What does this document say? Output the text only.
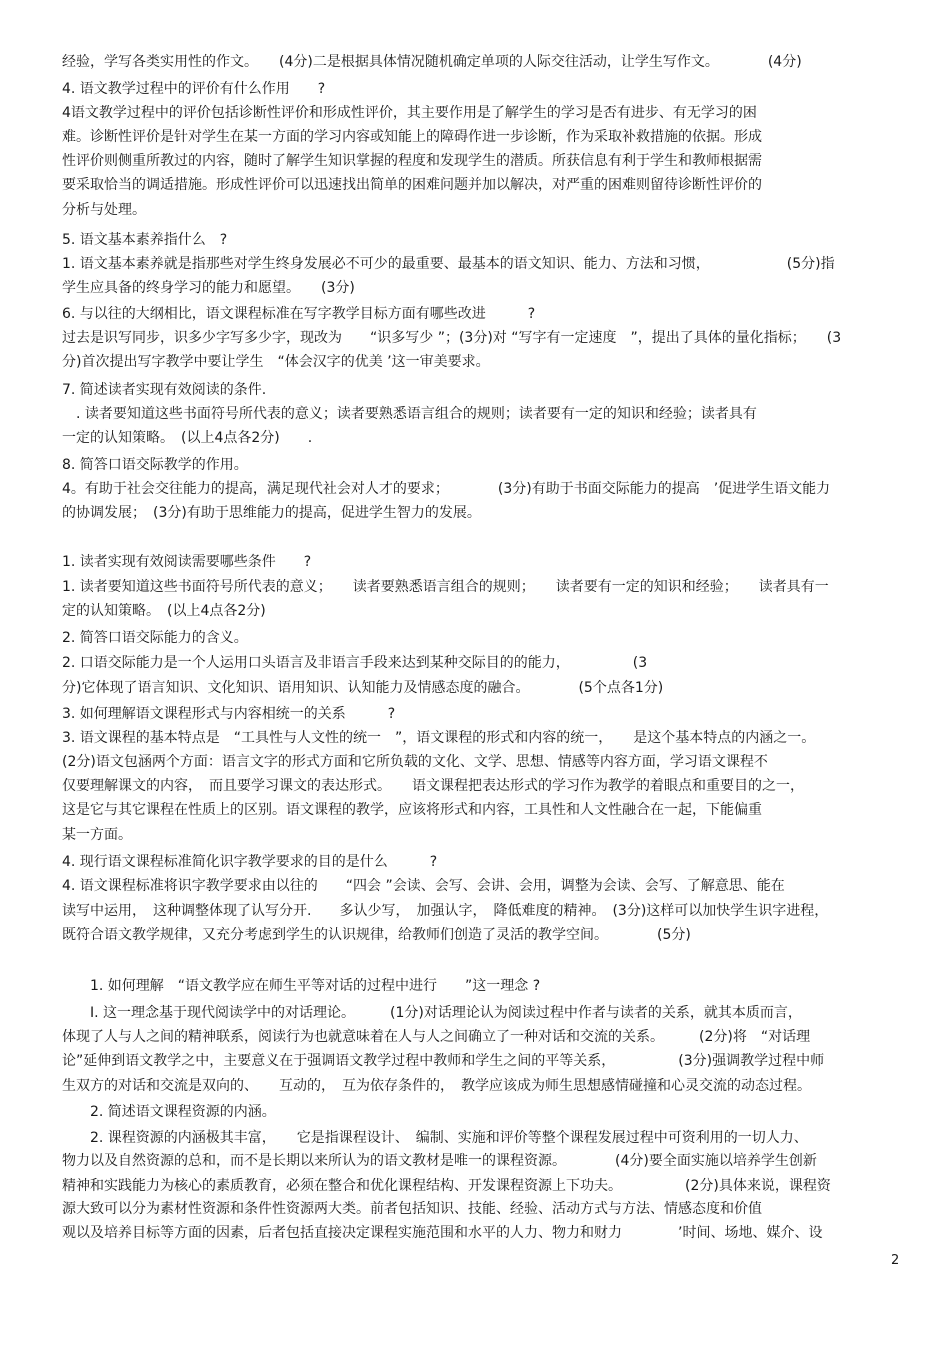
经验，学写各类实用性的作文。　　(4分)二是根据具体情况随机确定单项的人际交往活动，让学生写作文。　　　　(4分)
4. 语文教学过程中的评价有什么作用　　?
4语文教学过程中的评价包括诊断性评价和形成性评价，其主要作用是了解学生的学习是否有进步、有无学习的困
难。诊断性评价是针对学生在某一方面的学习内容或知能上的障碍作进一步诊断，作为采取补救措施的依据。形成
性评价则侧重所教过的内容，随时了解学生知识掌握的程度和发现学生的潜质。所获信息有利于学生和教师根据需
要采取恰当的调适措施。形成性评价可以迅速找出简单的困难问题并加以解决，对严重的困难则留待诊断性评价的
分析与处理。
5. 语文基本素养指什么　?
1. 语文基本素养就是指那些对学生终身发展必不可少的最重要、最基本的语文知识、能力、方法和习惯，　　　　　　(5分)指
学生应具备的终身学习的能力和愿望。　　(3分)
6. 与以往的大纲相比，语文课程标准在写字教学目标方面有哪些改进　　　?
过去是识写同步，识多少字写多少字，现改为　　“识多写少 ”；(3分)对 “写字有一定速度　”，提出了具体的量化指标；　　(3
分)首次提出写字教学中要让学生　“体会汉字的优美 ’这一审美要求。
7. 简述读者实现有效阅读的条件.
　. 读者要知道这些书面符号所代表的意义；读者要熟悉语言组合的规则；读者要有一定的知识和经验；读者具有
一定的认知策略。　(以上4点各2分)　　.
8. 简答口语交际教学的作用。
4。有助于社会交往能力的提高，满足现代社会对人才的要求；　　　　(3分)有助于书面交际能力的提高　’促进学生语文能力
的协调发展；　(3分)有助于思维能力的提高，促进学生智力的发展。
1. 读者实现有效阅读需要哪些条件　　?
1. 读者要知道这些书面符号所代表的意义；　　读者要熟悉语言组合的规则；　　读者要有一定的知识和经验；　　读者具有一
定的认知策略。　(以上4点各2分)
2. 简答口语交际能力的含义。
2. 口语交际能力是一个人运用口头语言及非语言手段来达到某种交际目的的能力，　　　　　(3
分)它体现了语言知识、文化知识、语用知识、认知能力及情感态度的融合。　　　　(5个点各1分)
3. 如何理解语文课程形式与内容相统一的关系　　　?
3. 语文课程的基本特点是　“工具性与人文性的统一　”，语文课程的形式和内容的统一，　　是这个基本特点的内涵之一。
(2分)语文包涵两个方面：语言文字的形式方面和它所负载的文化、文学、思想、情感等内容方面，学习语文课程不
仅要理解课文的内容，　而且要学习课文的表达形式。　　语文课程把表达形式的学习作为教学的着眼点和重要目的之一，
这是它与其它课程在性质上的区别。语文课程的教学，应该将形式和内容，工具性和人文性融合在一起，下能偏重
某一方面。
4. 现行语文课程标准简化识字教学要求的目的是什么　　　?
4. 语文课程标准将识字教学要求由以往的　　“四会 ”会读、会写、会讲、会用，调整为会读、会写、了解意思、能在
读写中运用，　这种调整体现了认写分开.　　多认少写，　加强认字，　降低难度的精神。　(3分)这样可以加快学生识字进程，
既符合语文教学规律，又充分考虑到学生的认识规律，给教师们创造了灵活的教学空间。　　　　(5分)
1. 如何理解　“语文教学应在师生平等对话的过程中进行　　”这一理念 ?
I. 这一理念基于现代阅读学中的对话理论。　　　(1分)对话理论认为阅读过程中作者与读者的关系，就其本质而言，
体现了人与人之间的精神联系，阅读行为也就意味着在人与人之间确立了一种对话和交流的关系。　　　(2分)将　“对话理
论”延伸到语文教学之中，主要意义在于强调语文教学过程中教师和学生之间的平等关系，　　　　　(3分)强调教学过程中师
生双方的对话和交流是双向的、　　互动的，　互为依存条件的，　教学应该成为师生思想感情碰撞和心灵交流的动态过程。
2. 简述语文课程资源的内涵。
2. 课程资源的内涵极其丰富，　　它是指课程设计、　编制、实施和评价等整个课程发展过程中可资利用的一切人力、
物力以及自然资源的总和，而不是长期以来所认为的语文教材是唯一的课程资源。　　　　(4分)要全面实施以培养学生创新
精神和实践能力为核心的素质教育，必须在整合和优化课程结构、开发课程资源上下功夫。　　　　　(2分)具体来说，课程资
源大致可以分为素材性资源和条件性资源两大类。前者包括知识、技能、经验、活动方式与方法、情感态度和价值
观以及培养目标等方面的因素，后者包括直接决定课程实施范围和水平的人力、物力和财力　　　　’时间、场地、媒介、设
2
